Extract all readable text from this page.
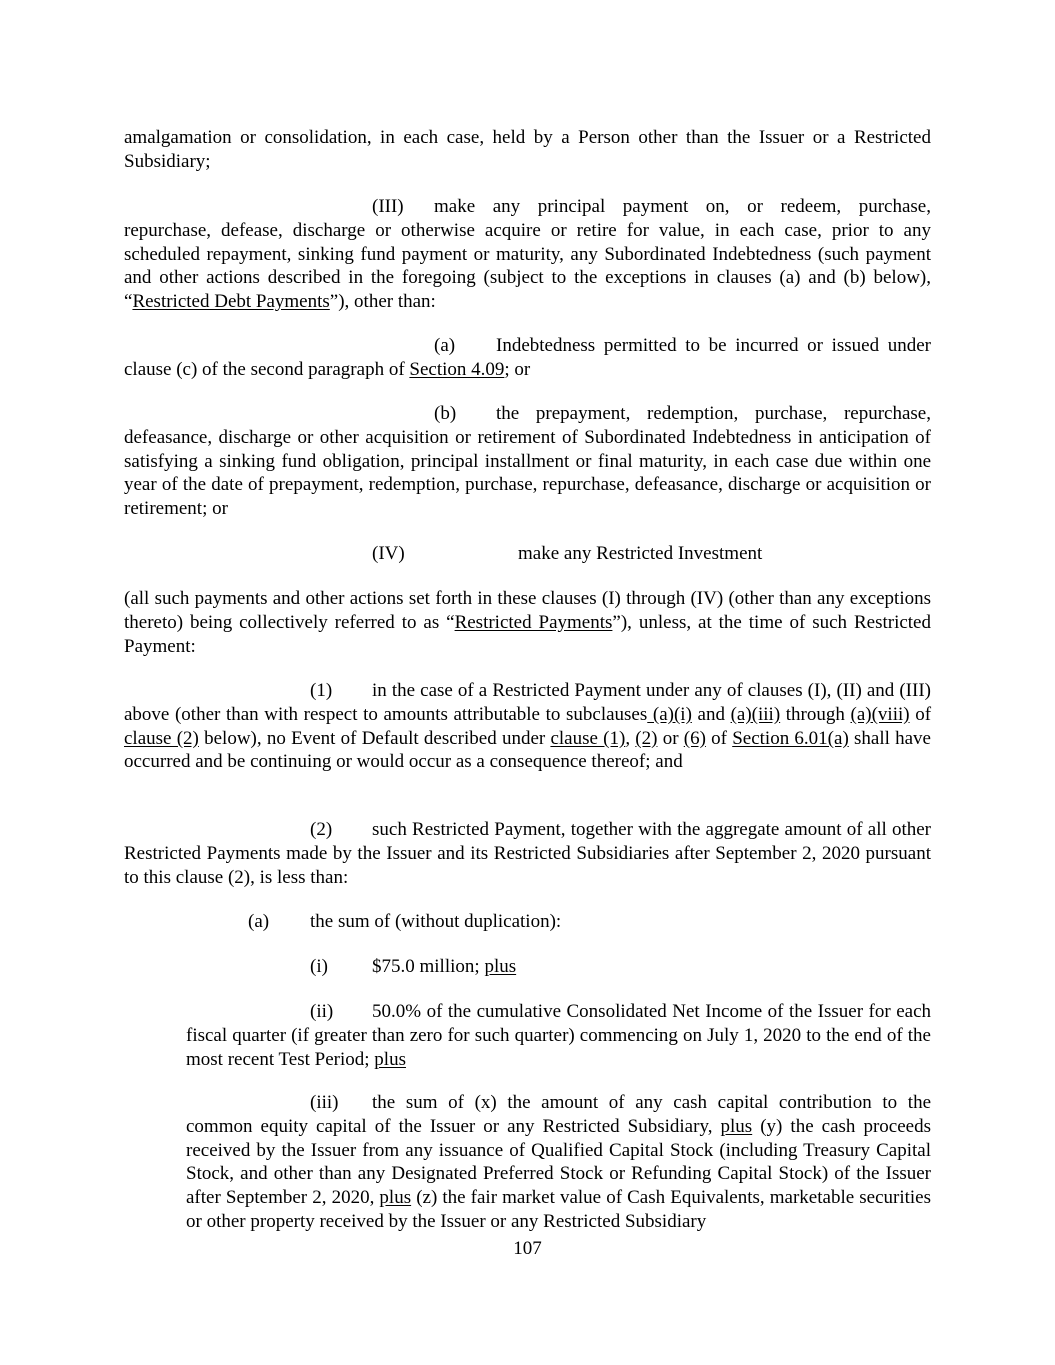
amalgamation or consolidation, in each case, held by a Person other than the Issuer or a Restricted Subsidiary;

(III) make any principal payment on, or redeem, purchase, repurchase, defease, discharge or otherwise acquire or retire for value, in each case, prior to any scheduled repayment, sinking fund payment or maturity, any Subordinated Indebtedness (such payment and other actions described in the foregoing (subject to the exceptions in clauses (a) and (b) below), “Restricted Debt Payments”), other than:

(a) Indebtedness permitted to be incurred or issued under clause (c) of the second paragraph of Section 4.09; or

(b) the prepayment, redemption, purchase, repurchase, defeasance, discharge or other acquisition or retirement of Subordinated Indebtedness in anticipation of satisfying a sinking fund obligation, principal installment or final maturity, in each case due within one year of the date of prepayment, redemption, purchase, repurchase, defeasance, discharge or acquisition or retirement; or

(IV)	make any Restricted Investment

(all such payments and other actions set forth in these clauses (I) through (IV) (other than any exceptions thereto) being collectively referred to as “Restricted Payments”), unless, at the time of such Restricted Payment:

(1) in the case of a Restricted Payment under any of clauses (I), (II) and (III) above (other than with respect to amounts attributable to subclauses (a)(i) and (a)(iii) through (a)(viii) of clause (2) below), no Event of Default described under clause (1), (2) or (6) of Section 6.01(a) shall have occurred and be continuing or would occur as a consequence thereof; and

(2) such Restricted Payment, together with the aggregate amount of all other Restricted Payments made by the Issuer and its Restricted Subsidiaries after September 2, 2020 pursuant to this clause (2), is less than:

(a) the sum of (without duplication):

(i) $75.0 million; plus

(ii) 50.0% of the cumulative Consolidated Net Income of the Issuer for each fiscal quarter (if greater than zero for such quarter) commencing on July 1, 2020 to the end of the most recent Test Period; plus

(iii) the sum of (x) the amount of any cash capital contribution to the common equity capital of the Issuer or any Restricted Subsidiary, plus (y) the cash proceeds received by the Issuer from any issuance of Qualified Capital Stock (including Treasury Capital Stock, and other than any Designated Preferred Stock or Refunding Capital Stock) of the Issuer after September 2, 2020, plus (z) the fair market value of Cash Equivalents, marketable securities or other property received by the Issuer or any Restricted Subsidiary

107
